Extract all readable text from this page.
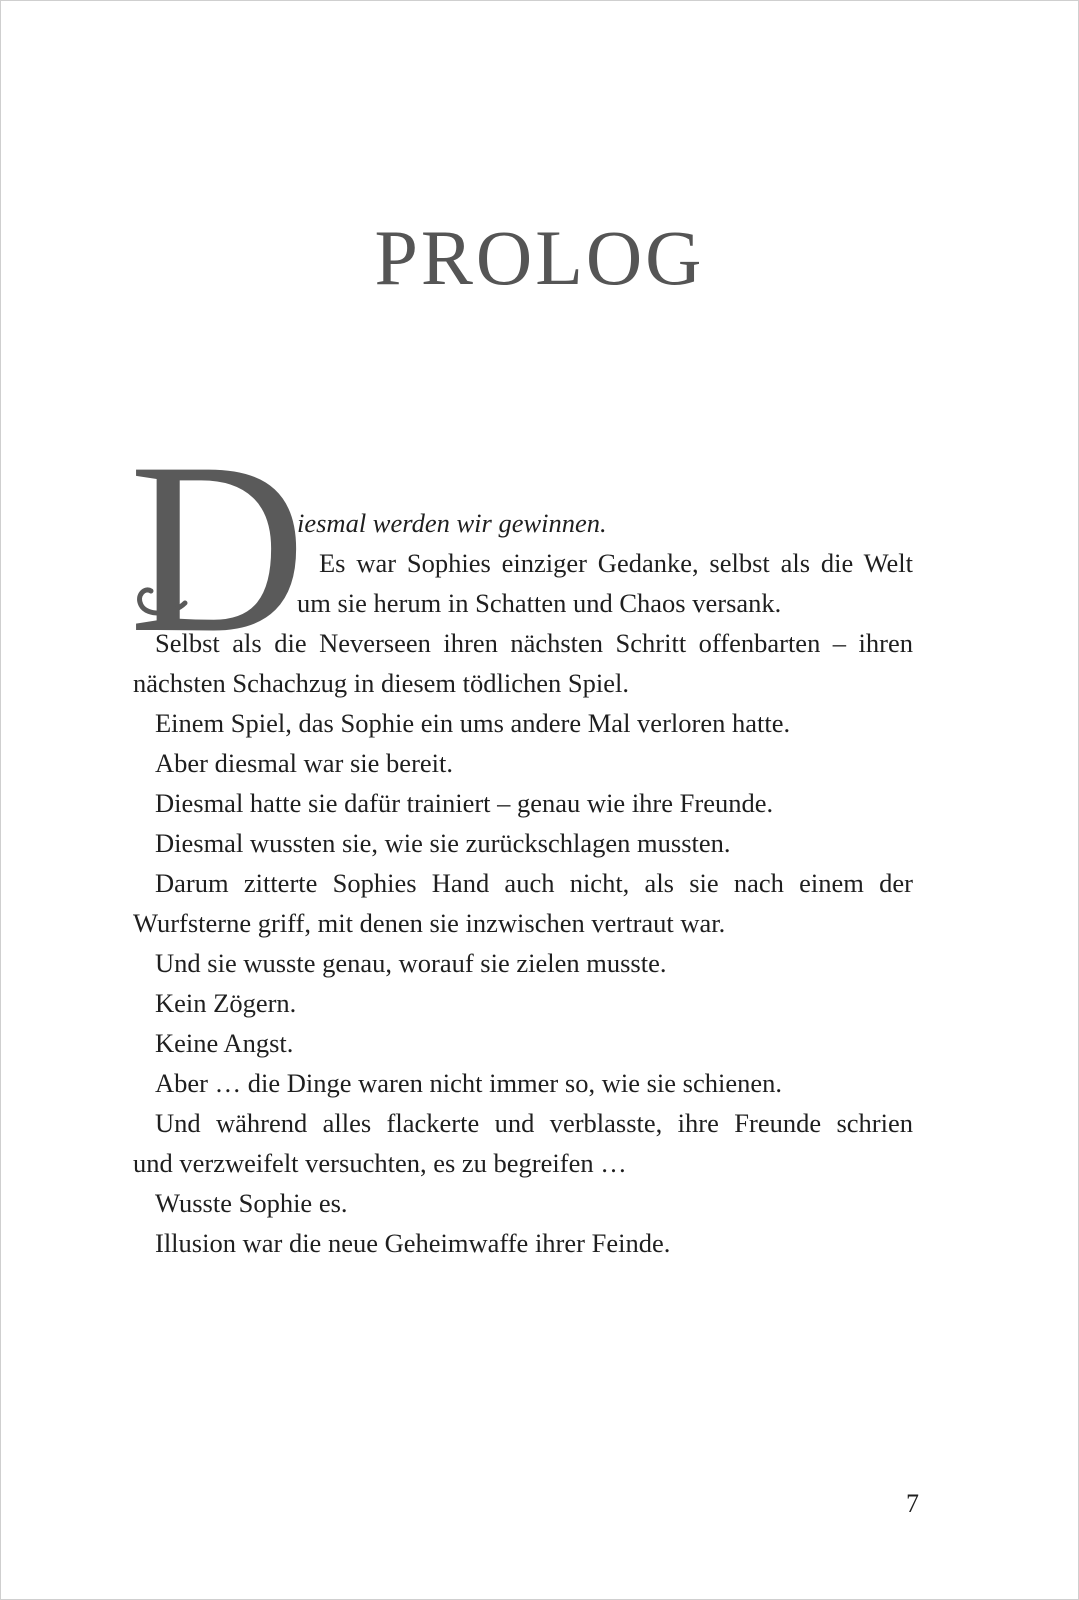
PROLOG
D

iesmal werden wir gewinnen.

Es war Sophies einziger Gedanke, selbst als die Welt

um sie herum in Schatten und Chaos versank.

Selbst als die Neverseen ihren nächsten Schritt offenbarten – ihren

nächsten Schachzug in diesem tödlichen Spiel.

Einem Spiel, das Sophie ein ums andere Mal verloren hatte.

Aber diesmal war sie bereit.

Diesmal hatte sie dafür trainiert – genau wie ihre Freunde.

Diesmal wussten sie, wie sie zurückschlagen mussten.

Darum zitterte Sophies Hand auch nicht, als sie nach einem der

Wurfsterne griff, mit denen sie inzwischen vertraut war.

Und sie wusste genau, worauf sie zielen musste.

Kein Zögern.

Keine Angst.

Aber … die Dinge waren nicht immer so, wie sie schienen.

Und während alles flackerte und verblasste, ihre Freunde schrien

und verzweifelt versuchten, es zu begreifen …

Wusste Sophie es.

Illusion war die neue Geheimwaffe ihrer Feinde.

7
